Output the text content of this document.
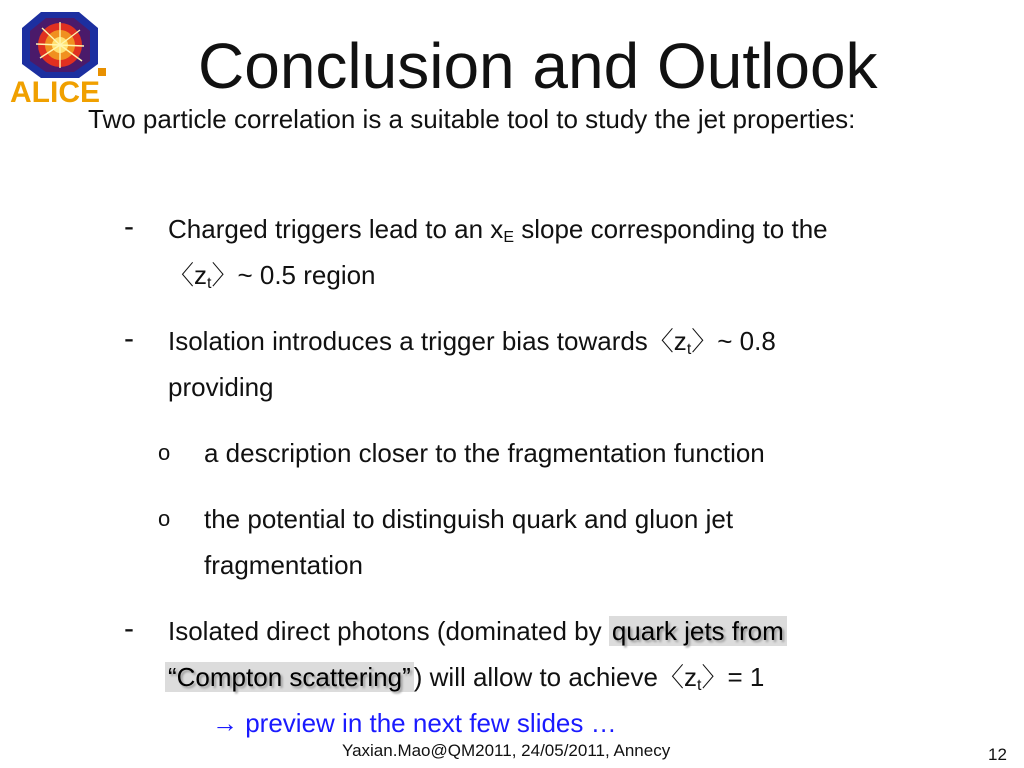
ALICE Conclusion and Outlook
Two particle correlation is a suitable tool to study the jet properties:
- Charged triggers lead to an $x_E$ slope corresponding to the
〈$z_t$〉~ 0.5 region
- Isolation introduces a trigger bias towards〈$z_t$〉~ 0.8
providing
o a description closer to the fragmentation function
o the potential to distinguish quark and gluon jet
fragmentation
- Isolated direct photons (dominated by quark jets from
“Compton scattering” ) will allow to achieve〈$z_t$〉= 1
→ preview in the next few slides …
Yaxian.Mao@QM2011, 24/05/2011, Annecy	12
